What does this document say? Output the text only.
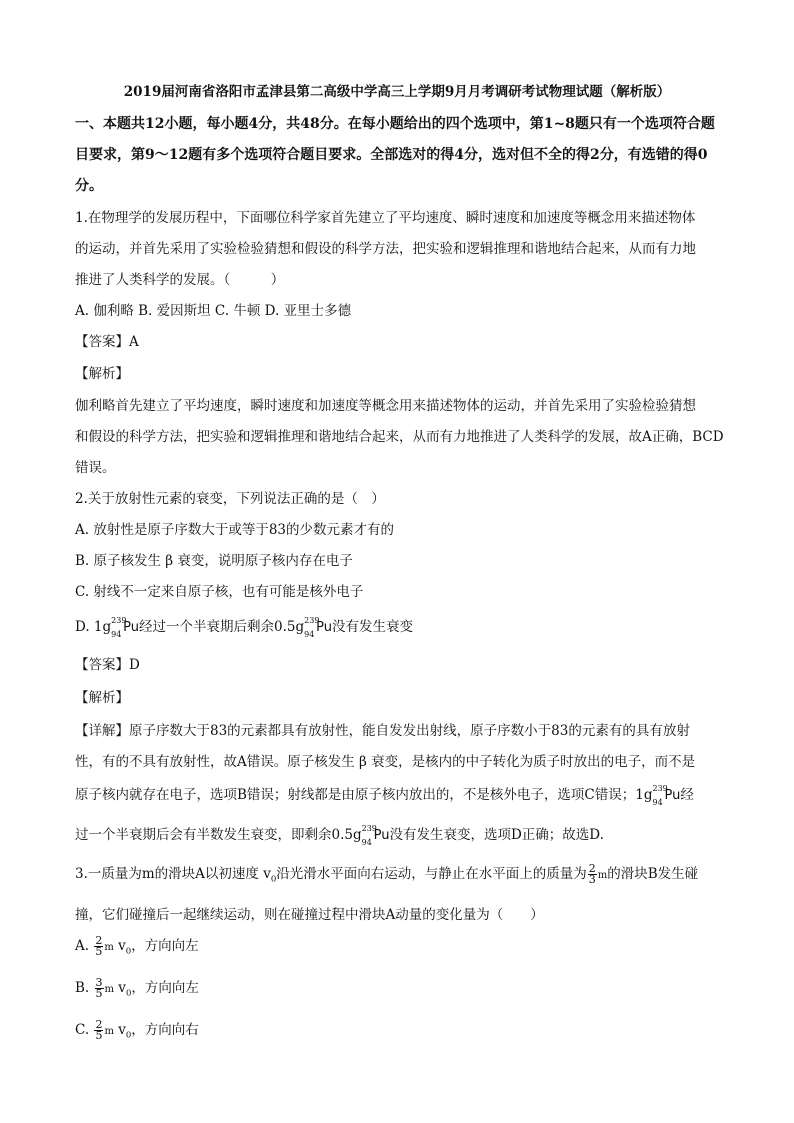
2019届河南省洛阳市孟津县第二高级中学高三上学期9月月考调研考试物理试题（解析版）
一、本题共12小题，每小题4分，共48分。在每小题给出的四个选项中，第1~8题只有一个选项符合题
目要求，第9～12题有多个选项符合题目要求。全部选对的得4分，选对但不全的得2分，有选错的得0
分。
1.在物理学的发展历程中，下面哪位科学家首先建立了平均速度、瞬时速度和加速度等概念用来描述物体
的运动，并首先采用了实验检验猜想和假设的科学方法，把实验和逻辑推理和谐地结合起来，从而有力地
推进了人类科学的发展。（　　　）
A. 伽利略 B. 爱因斯坦 C. 牛顿 D. 亚里士多德
【答案】A
【解析】
伽利略首先建立了平均速度，瞬时速度和加速度等概念用来描述物体的运动，并首先采用了实验检验猜想
和假设的科学方法，把实验和逻辑推理和谐地结合起来，从而有力地推进了人类科学的发展，故A正确，BCD
错误。
2.关于放射性元素的衰变，下列说法正确的是（　）
A. 放射性是原子序数大于或等于83的少数元素才有的
B. 原子核发生 β 衰变，说明原子核内存在电子
C. 射线不一定来自原子核，也有可能是核外电子
D. 1g 239
94 Pu经过一个半衰期后剩余0.5g 239
94 Pu没有发生衰变
【答案】D
【解析】
【详解】原子序数大于83的元素都具有放射性，能自发发出射线，原子序数小于83的元素有的具有放射
性，有的不具有放射性，故A错误。原子核发生 β 衰变，是核内的中子转化为质子时放出的电子，而不是
原子核内就存在电子，选项B错误；射线都是由原子核内放出的，不是核外电子，选项C错误；1g 239
94 Pu经
过一个半衰期后会有半数发生衰变，即剩余0.5g 239
94 Pu没有发生衰变，选项D正确；故选D.
3.一质量为m的滑块A以初速度 $v_0$沿光滑水平面向右运动，与静止在水平面上的质量为 $\frac{2}{3}$ m的滑块B发生碰
撞，它们碰撞后一起继续运动，则在碰撞过程中滑块A动量的变化量为（　　）
A. $\frac{2}{5}$ m $v_0$，方向向左
B. $\frac{3}{5}$ m $v_0$，方向向左
C. $\frac{2}{5}$ m $v_0$，方向向右
